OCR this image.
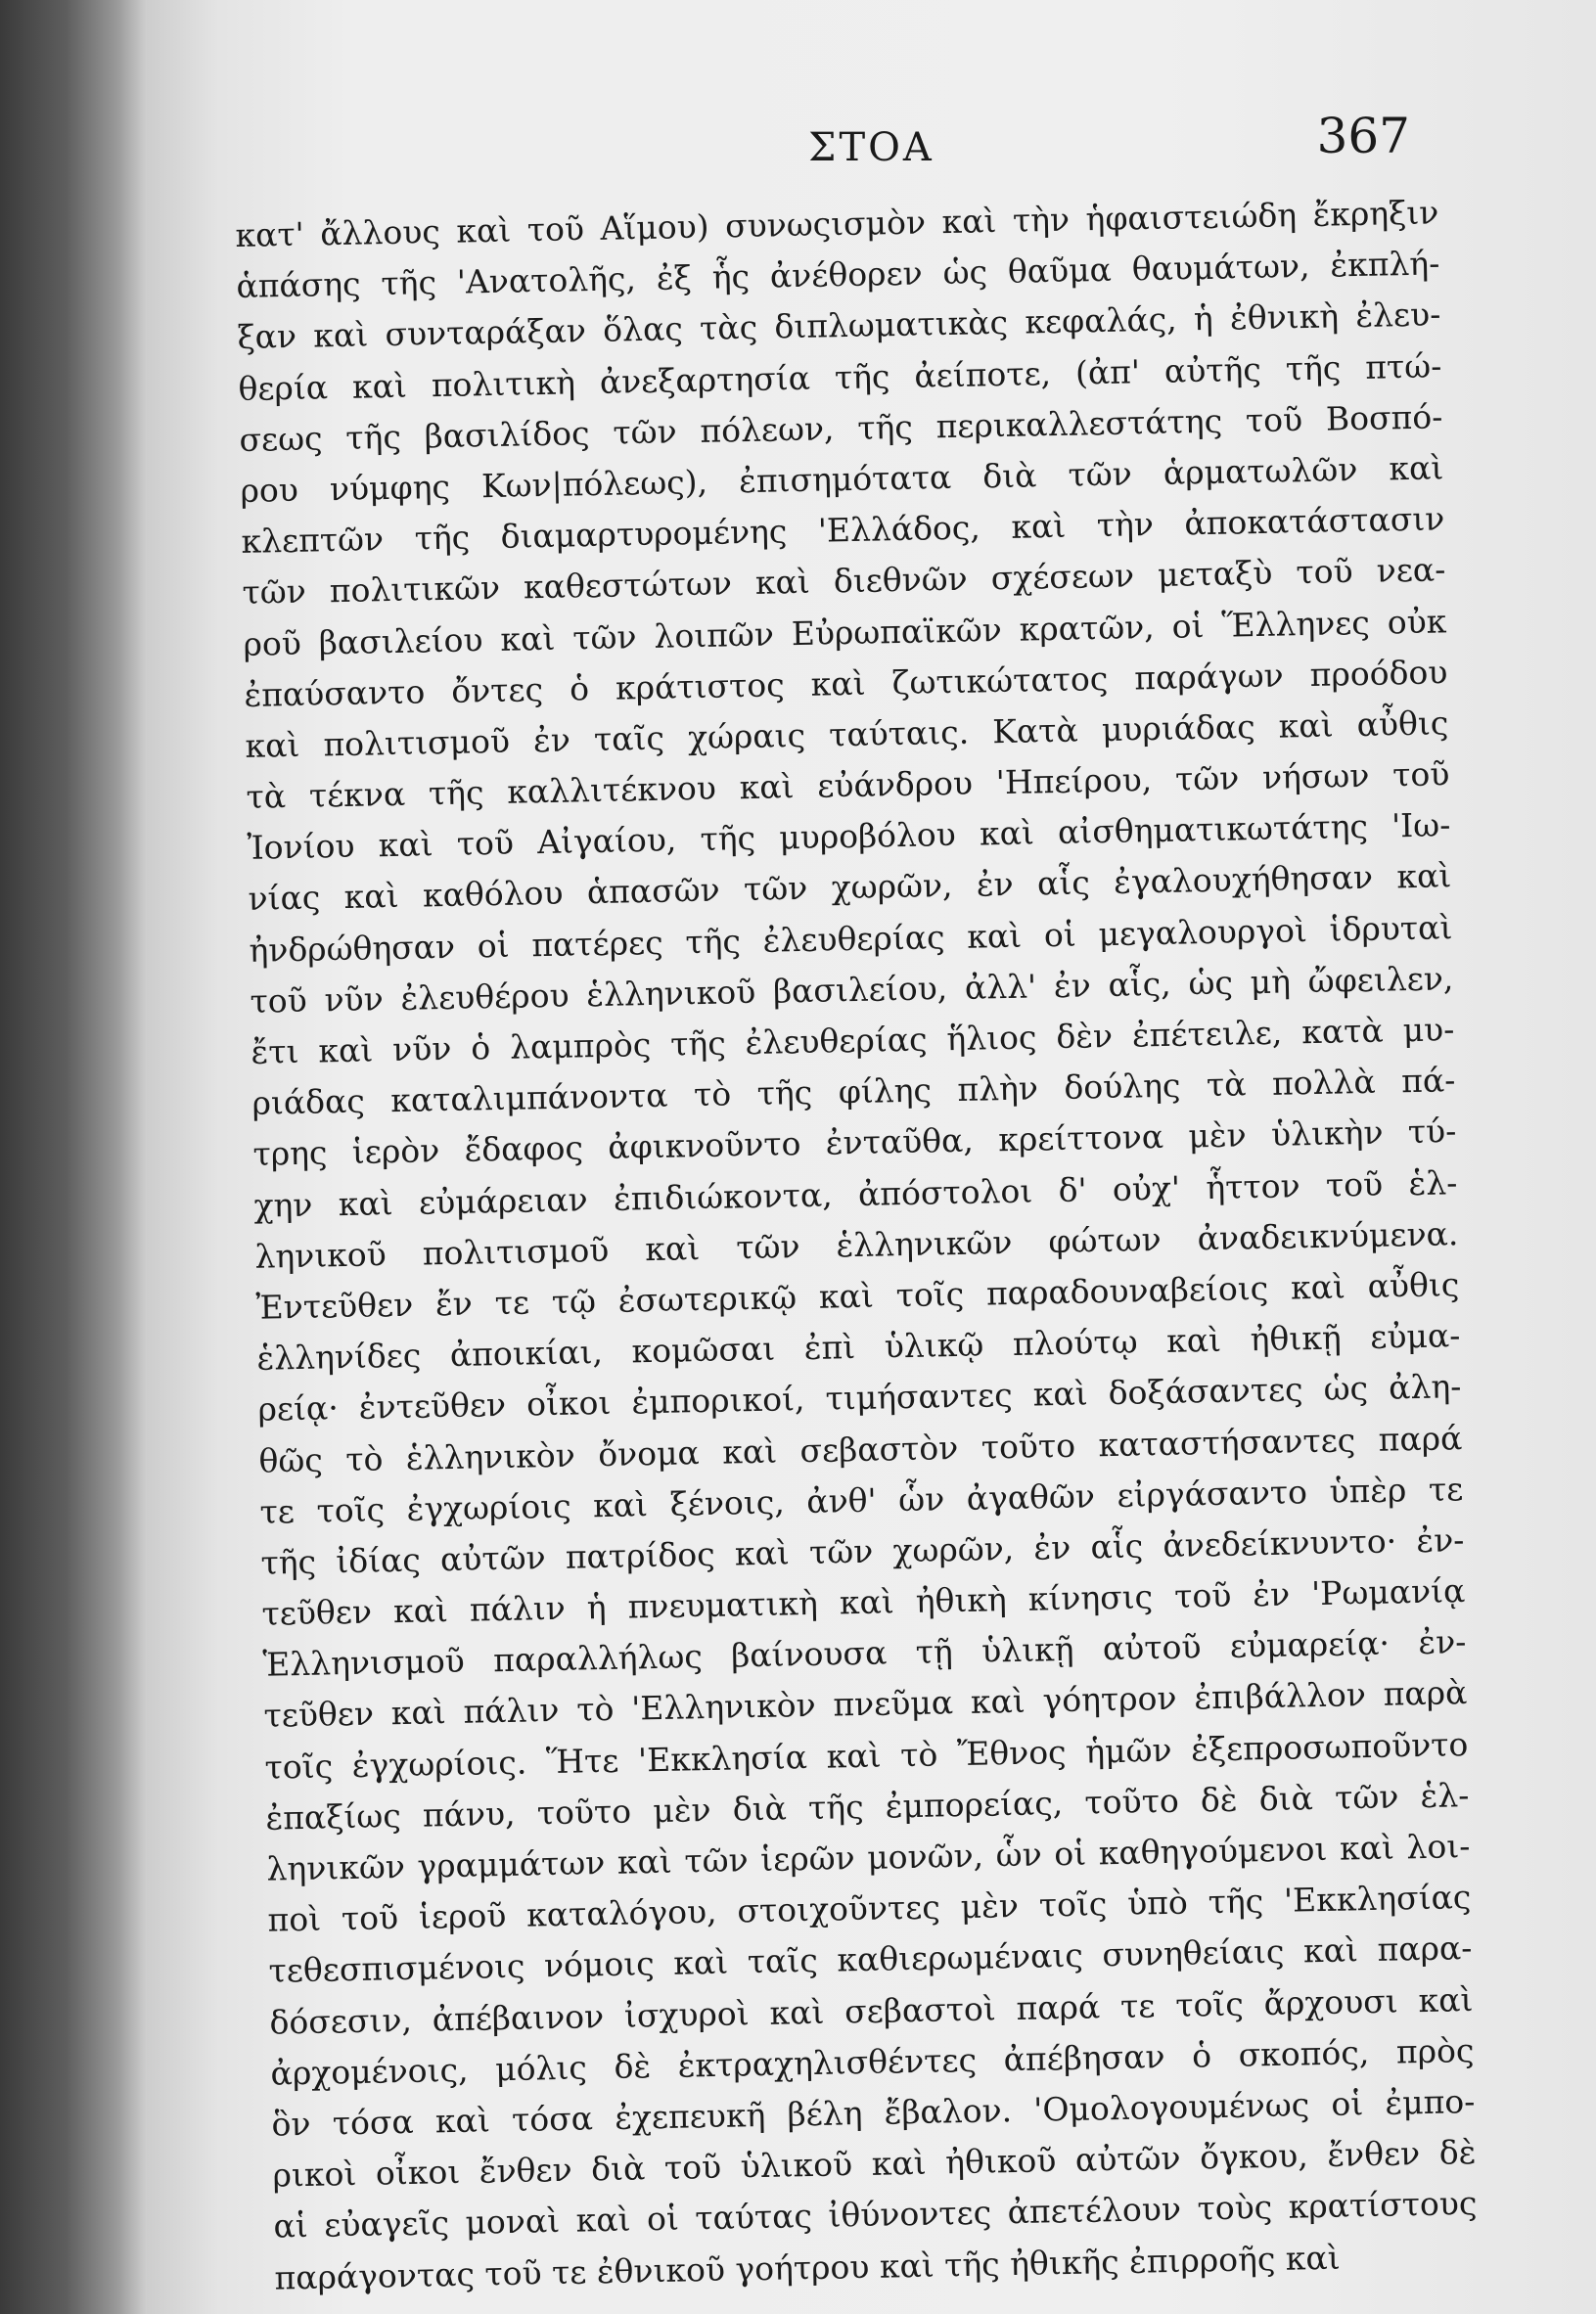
ΣΤΟΑ	367
κατ' ἄλλους καὶ τοῦ Αἵμου) συνωςισμὸν καὶ τὴν ἡφαιστειώδη ἔκρηξιν
ἁπάσης τῆς 'Ανατολῆς, ἐξ ἧς ἀνέθορεν ὡς θαῦμα θαυμάτων, ἐκπλή-
ξαν καὶ συνταράξαν ὅλας τὰς διπλωματικὰς κεφαλάς, ἡ ἐθνικὴ ἐλευ-
θερία καὶ πολιτικὴ ἀνεξαρτησία τῆς ἀείποτε, (ἀπ' αὐτῆς τῆς πτώ-
σεως τῆς βασιλίδος τῶν πόλεων, τῆς περικαλλεστάτης τοῦ Βοσπό-
ρου νύμφης Κων|πόλεως), ἐπισημότατα διὰ τῶν ἁρματωλῶν καὶ
κλεπτῶν τῆς διαμαρτυρομένης 'Ελλάδος, καὶ τὴν ἀποκατάστασιν
τῶν πολιτικῶν καθεστώτων καὶ διεθνῶν σχέσεων μεταξὺ τοῦ νεα-
ροῦ βασιλείου καὶ τῶν λοιπῶν Εὐρωπαϊκῶν κρατῶν, οἱ Ἕλληνες οὐκ
ἐπαύσαντο ὄντες ὁ κράτιστος καὶ ζωτικώτατος παράγων προόδου
καὶ πολιτισμοῦ ἐν ταῖς χώραις ταύταις. Κατὰ μυριάδας καὶ αὖθις
τὰ τέκνα τῆς καλλιτέκνου καὶ εὐάνδρου 'Ηπείρου, τῶν νήσων τοῦ
Ἰονίου καὶ τοῦ Αἰγαίου, τῆς μυροβόλου καὶ αἰσθηματικωτάτης 'Ιω-
νίας καὶ καθόλου ἁπασῶν τῶν χωρῶν, ἐν αἷς ἐγαλουχήθησαν καὶ
ἠνδρώθησαν οἱ πατέρες τῆς ἐλευθερίας καὶ οἱ μεγαλουργοὶ ἱδρυταὶ
τοῦ νῦν ἐλευθέρου ἑλληνικοῦ βασιλείου, ἀλλ' ἐν αἷς, ὡς μὴ ὤφειλεν,
ἔτι καὶ νῦν ὁ λαμπρὸς τῆς ἐλευθερίας ἥλιος δὲν ἐπέτειλε, κατὰ μυ-
ριάδας καταλιμπάνοντα τὸ τῆς φίλης πλὴν δούλης τὰ πολλὰ πά-
τρης ἱερὸν ἔδαφος ἀφικνοῦντο ἐνταῦθα, κρείττονα μὲν ὑλικὴν τύ-
χην καὶ εὐμάρειαν ἐπιδιώκοντα, ἀπόστολοι δ' οὐχ' ἧττον τοῦ ἑλ-
ληνικοῦ πολιτισμοῦ καὶ τῶν ἑλληνικῶν φώτων ἀναδεικνύμενα.
Ἐντεῦθεν ἔν τε τῷ ἐσωτερικῷ καὶ τοῖς παραδουναβείοις καὶ αὖθις
ἑλληνίδες ἀποικίαι, κομῶσαι ἐπὶ ὑλικῷ πλούτῳ καὶ ἠθικῇ εὐμα-
ρείᾳ· ἐντεῦθεν οἶκοι ἐμπορικοί, τιμήσαντες καὶ δοξάσαντες ὡς ἀλη-
θῶς τὸ ἑλληνικὸν ὄνομα καὶ σεβαστὸν τοῦτο καταστήσαντες παρά
τε τοῖς ἐγχωρίοις καὶ ξένοις, ἀνθ' ὧν ἀγαθῶν εἰργάσαντο ὑπὲρ τε
τῆς ἰδίας αὐτῶν πατρίδος καὶ τῶν χωρῶν, ἐν αἷς ἀνεδείκνυντο· ἐν-
τεῦθεν καὶ πάλιν ἡ πνευματικὴ καὶ ἠθικὴ κίνησις τοῦ ἐν 'Ρωμανίᾳ
Ἑλληνισμοῦ παραλλήλως βαίνουσα τῇ ὑλικῇ αὐτοῦ εὐμαρείᾳ· ἐν-
τεῦθεν καὶ πάλιν τὸ 'Ελληνικὸν πνεῦμα καὶ γόητρον ἐπιβάλλον παρὰ
τοῖς ἐγχωρίοις. Ἥτε 'Εκκλησία καὶ τὸ Ἔθνος ἡμῶν ἐξεπροσωποῦντο
ἐπαξίως πάνυ, τοῦτο μὲν διὰ τῆς ἐμπορείας, τοῦτο δὲ διὰ τῶν ἑλ-
ληνικῶν γραμμάτων καὶ τῶν ἱερῶν μονῶν, ὧν οἱ καθηγούμενοι καὶ λοι-
ποὶ τοῦ ἱεροῦ καταλόγου, στοιχοῦντες μὲν τοῖς ὑπὸ τῆς 'Εκκλησίας
τεθεσπισμένοις νόμοις καὶ ταῖς καθιερωμέναις συνηθείαις καὶ παρα-
δόσεσιν, ἀπέβαινον ἰσχυροὶ καὶ σεβαστοὶ παρά τε τοῖς ἄρχουσι καὶ
ἀρχομένοις, μόλις δὲ ἐκτραχηλισθέντες ἀπέβησαν ὁ σκοπός, πρὸς
ὃν τόσα καὶ τόσα ἐχεπευκῆ βέλη ἔβαλον. 'Ομολογουμένως οἱ ἐμπο-
ρικοὶ οἶκοι ἔνθεν διὰ τοῦ ὑλικοῦ καὶ ἠθικοῦ αὐτῶν ὄγκου, ἔνθεν δὲ
αἱ εὐαγεῖς μοναὶ καὶ οἱ ταύτας ἰθύνοντες ἀπετέλουν τοὺς κρατίστους
παράγοντας τοῦ τε ἐθνικοῦ γοήτρου καὶ τῆς ἠθικῆς ἐπιρροῆς καὶ
